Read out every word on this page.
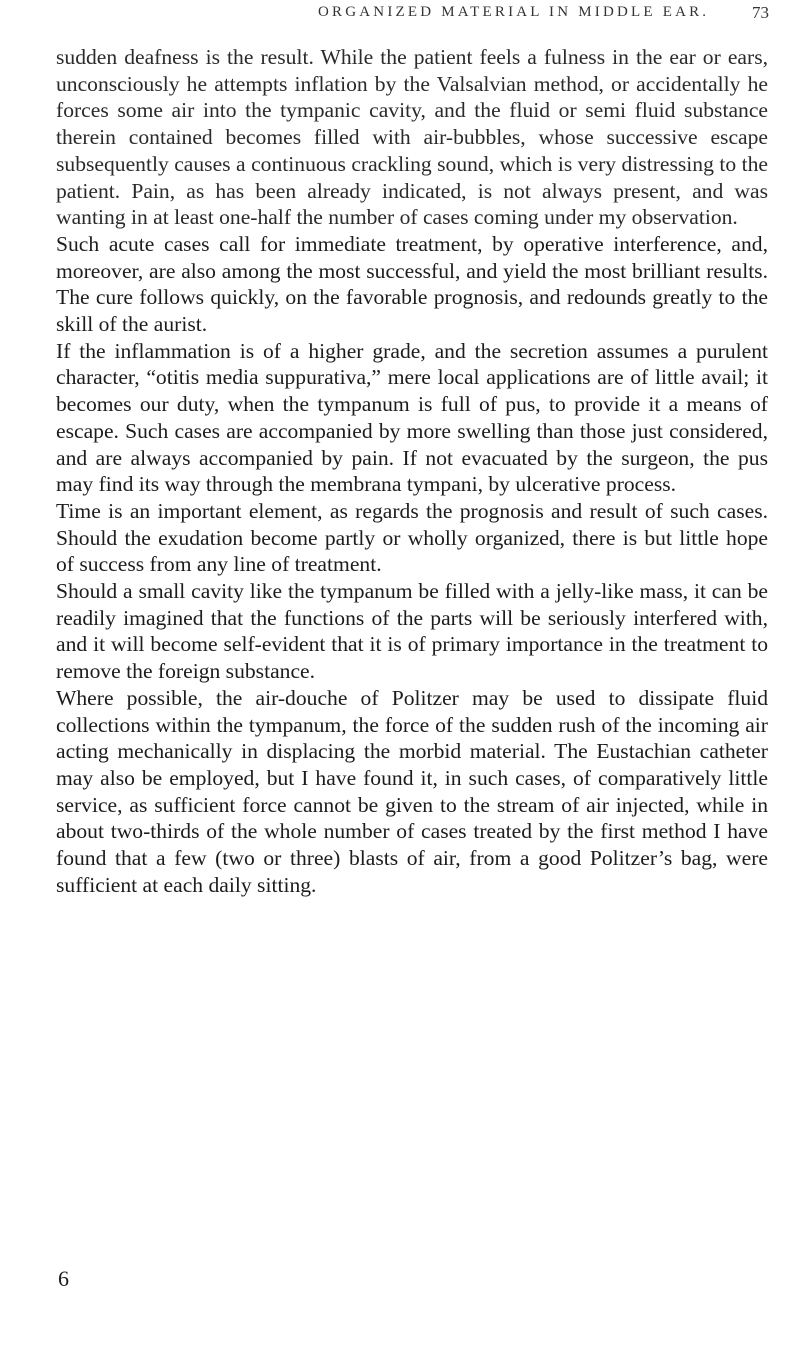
ORGANIZED MATERIAL IN MIDDLE EAR.	73

sudden deafness is the result. While the patient feels a fulness in the ear or ears, unconsciously he attempts inflation by the Valsalvian method, or accidentally he forces some air into the tympanic cavity, and the fluid or semi fluid substance therein contained becomes filled with air-bubbles, whose successive escape subsequently causes a continuous crackling sound, which is very distressing to the patient. Pain, as has been already indicated, is not always present, and was wanting in at least one-half the number of cases coming under my observation.

Such acute cases call for immediate treatment, by operative interference, and, moreover, are also among the most successful, and yield the most brilliant results. The cure follows quickly, on the favorable prognosis, and redounds greatly to the skill of the aurist.

If the inflammation is of a higher grade, and the secretion assumes a purulent character, “otitis media suppurativa,” mere local applications are of little avail; it becomes our duty, when the tympanum is full of pus, to provide it a means of escape. Such cases are accompanied by more swelling than those just considered, and are always accompanied by pain. If not evacuated by the surgeon, the pus may find its way through the membrana tympani, by ulcerative process.

Time is an important element, as regards the prognosis and result of such cases. Should the exudation become partly or wholly organized, there is but little hope of success from any line of treatment.

Should a small cavity like the tympanum be filled with a jelly-like mass, it can be readily imagined that the functions of the parts will be seriously interfered with, and it will become self-evident that it is of primary importance in the treatment to remove the foreign substance.

Where possible, the air-douche of Politzer may be used to dissipate fluid collections within the tympanum, the force of the sudden rush of the incoming air acting mechanically in displacing the morbid material. The Eustachian catheter may also be employed, but I have found it, in such cases, of comparatively little service, as sufficient force cannot be given to the stream of air injected, while in about two-thirds of the whole number of cases treated by the first method I have found that a few (two or three) blasts of air, from a good Politzer’s bag, were sufficient at each daily sitting.

6
